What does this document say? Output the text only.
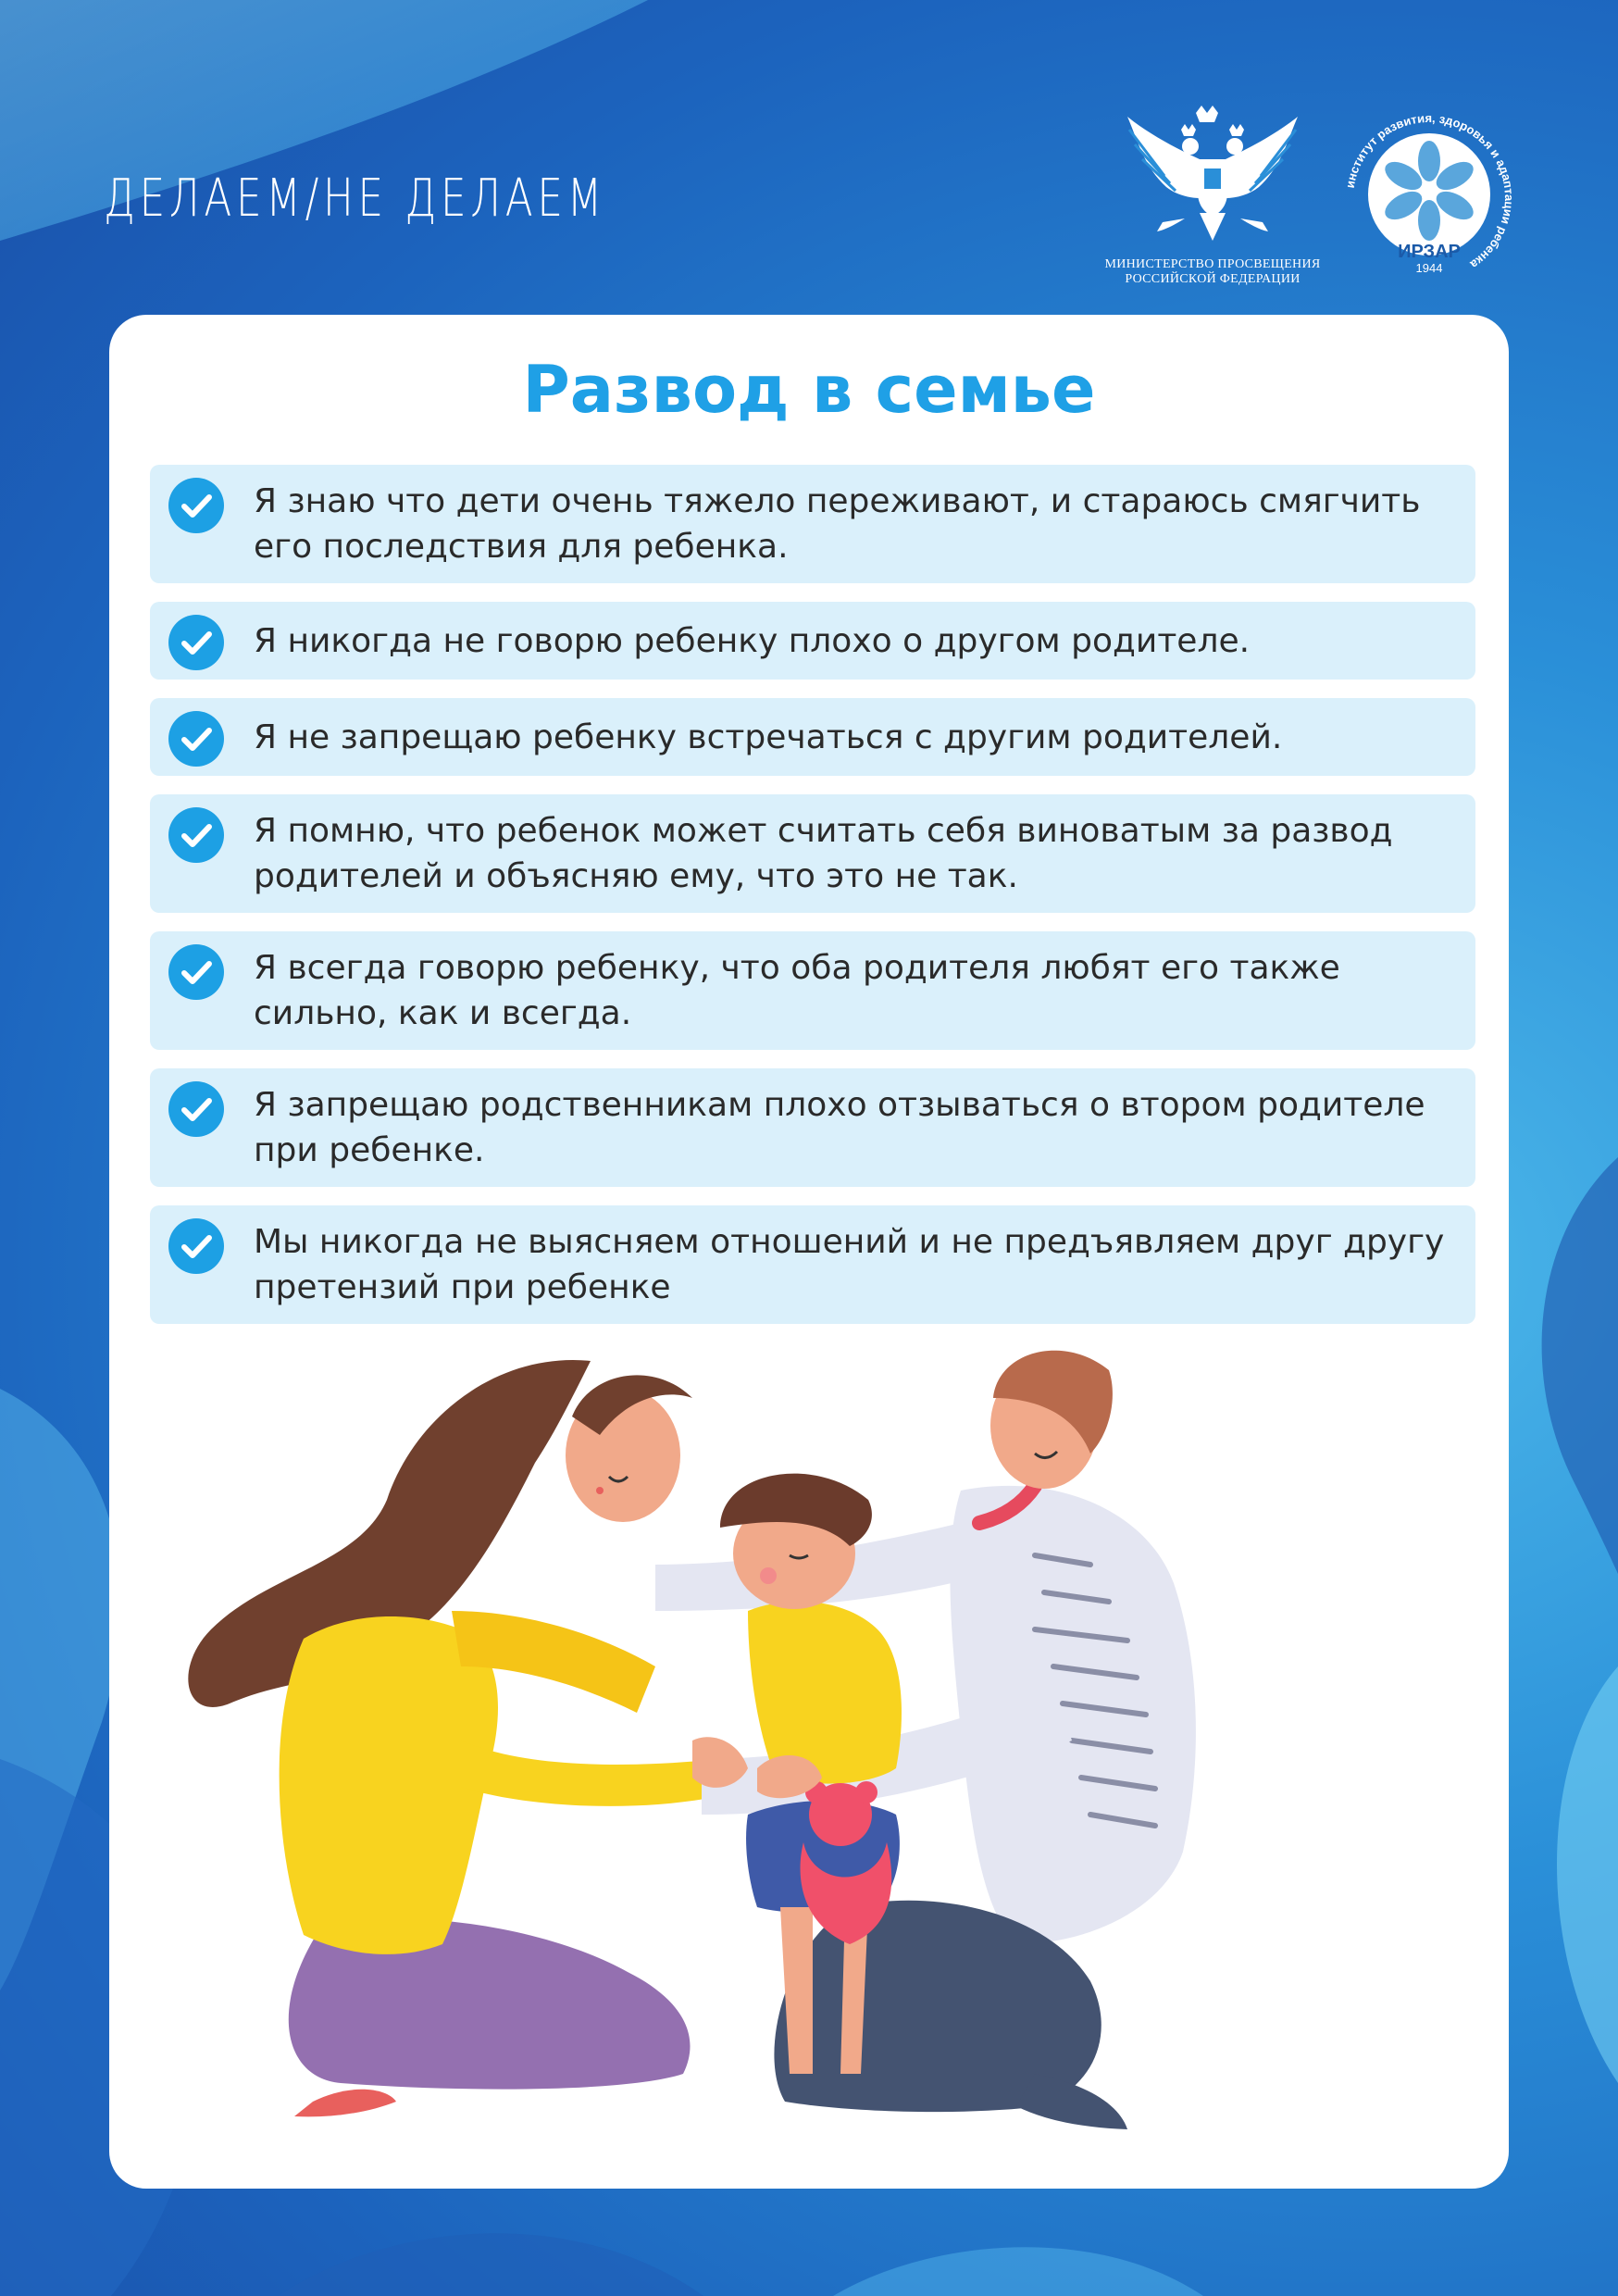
ДЕЛАЕМ/НЕ ДЕЛАЕМ
МИНИСТЕРСТВО ПРОСВЕЩЕНИЯ
РОССИЙСКОЙ ФЕДЕРАЦИИ
институт развития, здоровья и адаптации ребенка
ИРЗАР
1944
Развод в семье
Я знаю что дети очень тяжело переживают, и стараюсь смягчить его последствия для ребенка.
Я никогда не говорю ребенку плохо о другом родителе.
Я не запрещаю ребенку встречаться с другим родителей.
Я помню, что ребенок может считать себя виноватым за развод родителей и объясняю ему, что это не так.
Я всегда говорю ребенку, что оба родителя любят его также сильно, как и всегда.
Я запрещаю родственникам плохо отзываться о втором родителе при ребенке.
Мы никогда не выясняем отношений и не предъявляем друг другу претензий при ребенке
